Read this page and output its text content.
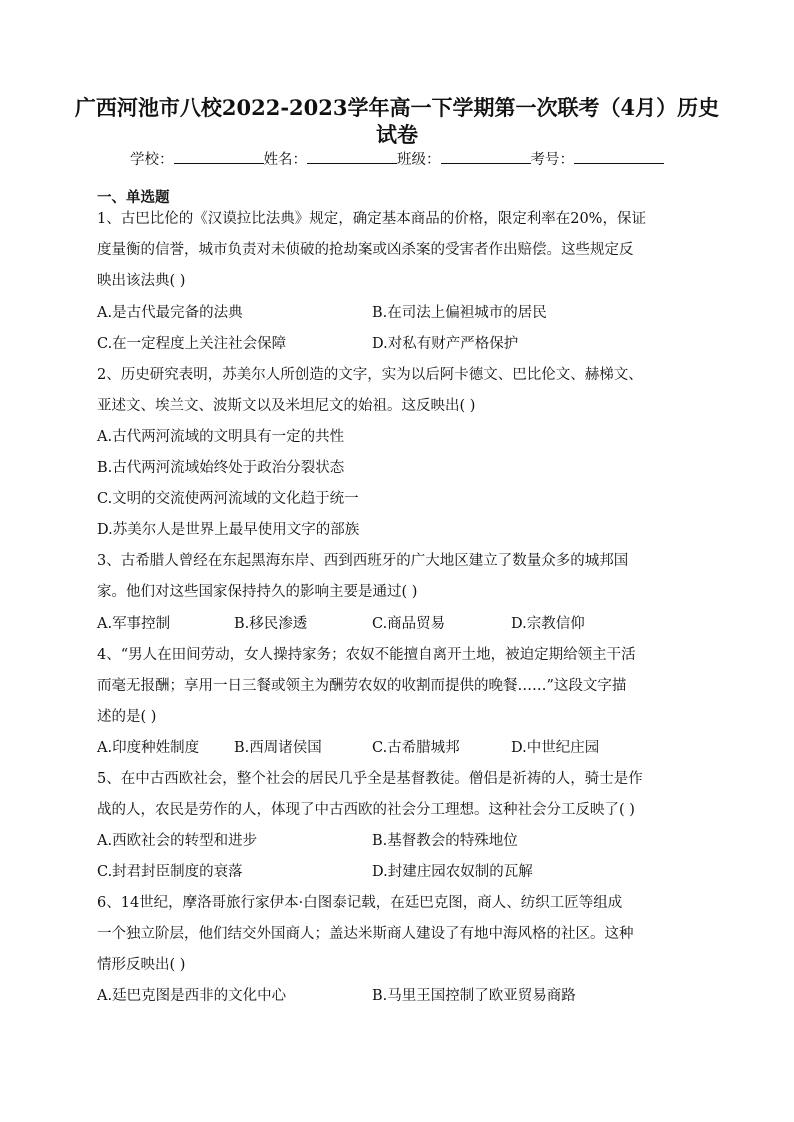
广西河池市八校2022-2023学年高一下学期第一次联考（4月）历史
试卷
学校：	姓名：	班级：	考号：
一、单选题
1、古巴比伦的《汉谟拉比法典》规定，确定基本商品的价格，限定利率在20%，保证
度量衡的信誉，城市负责对未侦破的抢劫案或凶杀案的受害者作出赔偿。这些规定反
映出该法典( )
A.是古代最完备的法典	B.在司法上偏袒城市的居民
C.在一定程度上关注社会保障	D.对私有财产严格保护
2、历史研究表明，苏美尔人所创造的文字，实为以后阿卡德文、巴比伦文、赫梯文、
亚述文、埃兰文、波斯文以及米坦尼文的始祖。这反映出( )
A.古代两河流域的文明具有一定的共性
B.古代两河流域始终处于政治分裂状态
C.文明的交流使两河流域的文化趋于统一
D.苏美尔人是世界上最早使用文字的部族
3、古希腊人曾经在东起黑海东岸、西到西班牙的广大地区建立了数量众多的城邦国
家。他们对这些国家保持持久的影响主要是通过( )
A.军事控制	B.移民渗透	C.商品贸易	D.宗教信仰
4、“男人在田间劳动，女人操持家务；农奴不能擅自离开土地，被迫定期给领主干活
而毫无报酬；享用一日三餐或领主为酬劳农奴的收割而提供的晚餐……”这段文字描
述的是( )
A.印度种姓制度 B.西周诸侯国	C.古希腊城邦	D.中世纪庄园
5、在中古西欧社会，整个社会的居民几乎全是基督教徒。僧侣是祈祷的人，骑士是作
战的人，农民是劳作的人，体现了中古西欧的社会分工理想。这种社会分工反映了( )
A.西欧社会的转型和进步	B.基督教会的特殊地位
C.封君封臣制度的衰落	D.封建庄园农奴制的瓦解
6、14世纪，摩洛哥旅行家伊本·白图泰记载，在廷巴克图，商人、纺织工匠等组成
一个独立阶层，他们结交外国商人；盖达米斯商人建设了有地中海风格的社区。这种
情形反映出( )
A.廷巴克图是西非的文化中心	B.马里王国控制了欧亚贸易商路
